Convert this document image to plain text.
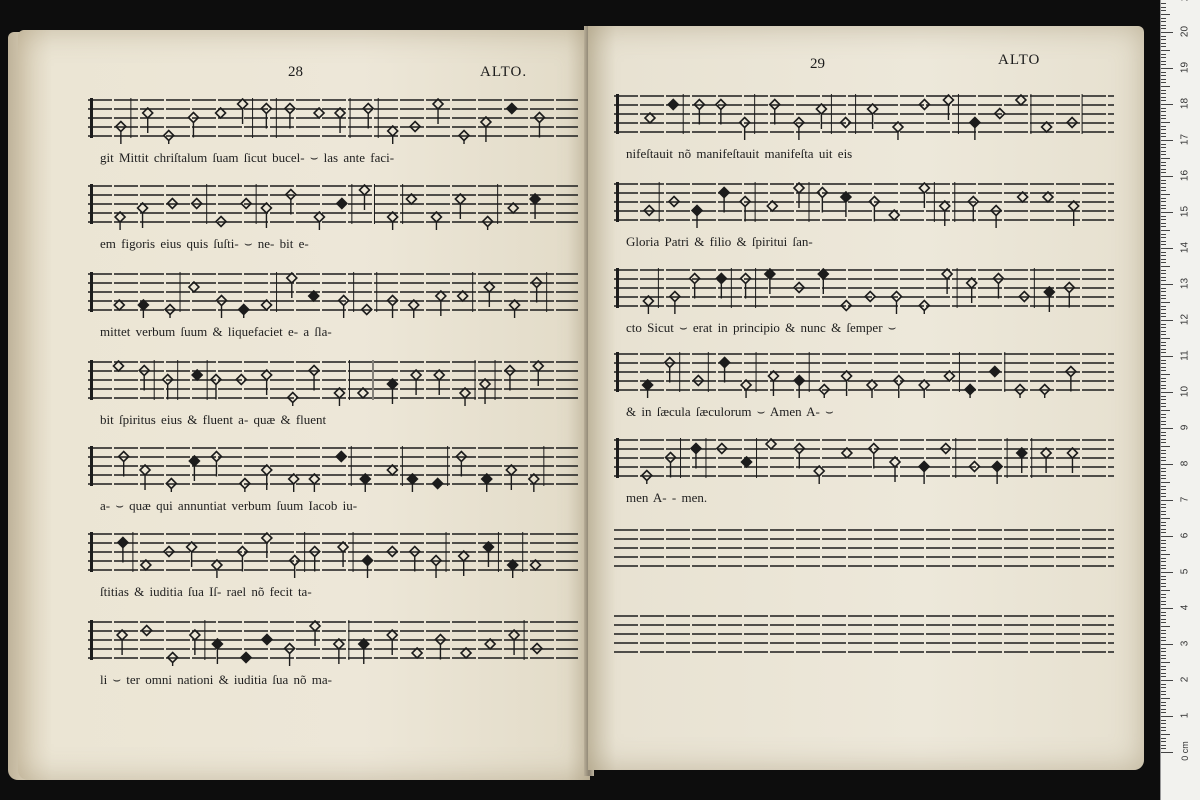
28	ALTO.
git Mittit chriſtalum ſuam ſicut bucel- ⌣ las ante faci-
em figoris eius quis ſuſti- ⌣ ne- bit e-
mittet verbum ſuum & liquefaciet e- a ſla-
bit ſpiritus eius & fluent a- quæ & fluent
a- ⌣ quæ qui annuntiat verbum ſuum Iacob iu-
ſtitias & iuditia ſua Iſ- rael nõ fecit ta-
li ⌣ ter omni nationi & iuditia ſua nõ ma-
29	ALTO
nifeſtauit nõ manifeſtauit manifeſta uit eis
Gloria Patri & filio & ſpiritui ſan-
cto Sicut ⌣ erat in principio & nunc & ſemper ⌣
& in ſæcula ſæculorum ⌣ Amen A- ⌣
men A- - men.
0 cm
1
2
3
4
5
6
7
8
9
10
11
12
13
14
15
16
17
18
19
20
